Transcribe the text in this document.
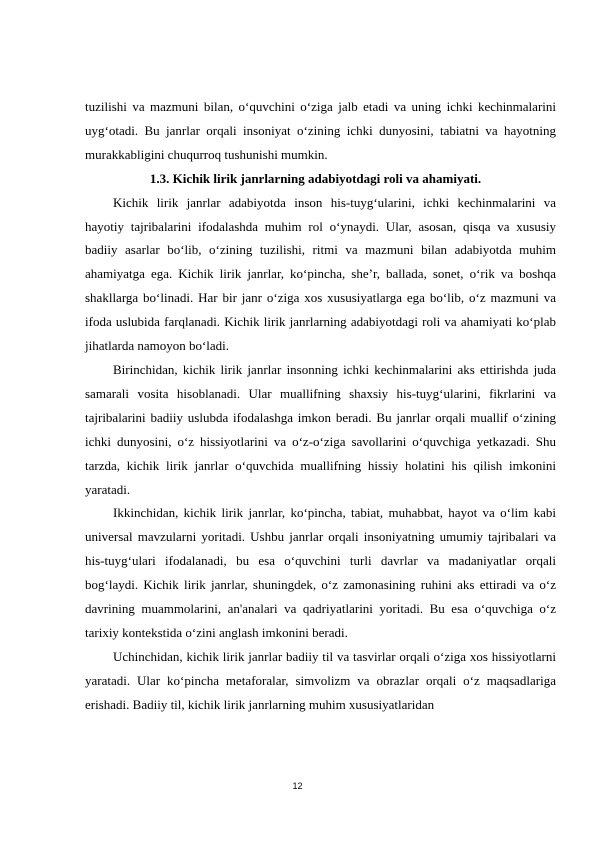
tuzilishi va mazmuni bilan, o‘quvchini o‘ziga jalb etadi va uning ichki kechinmalarini uyg‘otadi. Bu janrlar orqali insoniyat o‘zining ichki dunyosini, tabiatni va hayotning murakkabligini chuqurroq tushunishi mumkin.

1.3. Kichik lirik janrlarning adabiyotdagi roli va ahamiyati.

Kichik lirik janrlar adabiyotda inson his-tuyg‘ularini, ichki kechinmalarini va hayotiy tajribalarini ifodalashda muhim rol o‘ynaydi. Ular, asosan, qisqa va xususiy badiiy asarlar bo‘lib, o‘zining tuzilishi, ritmi va mazmuni bilan adabiyotda muhim ahamiyatga ega. Kichik lirik janrlar, ko‘pincha, she’r, ballada, sonet, o‘rik va boshqa shakllarga bo‘linadi. Har bir janr o‘ziga xos xususiyatlarga ega bo‘lib, o‘z mazmuni va ifoda uslubida farqlanadi. Kichik lirik janrlarning adabiyotdagi roli va ahamiyati ko‘plab jihatlarda namoyon bo‘ladi.

Birinchidan, kichik lirik janrlar insonning ichki kechinmalarini aks ettirishda juda samarali vosita hisoblanadi. Ular muallifning shaxsiy his-tuyg‘ularini, fikrlarini va tajribalarini badiiy uslubda ifodalashga imkon beradi. Bu janrlar orqali muallif o‘zining ichki dunyosini, o‘z hissiyotlarini va o‘z-o‘ziga savollarini o‘quvchiga yetkazadi. Shu tarzda, kichik lirik janrlar o‘quvchida muallifning hissiy holatini his qilish imkonini yaratadi.

Ikkinchidan, kichik lirik janrlar, ko‘pincha, tabiat, muhabbat, hayot va o‘lim kabi universal mavzularni yoritadi. Ushbu janrlar orqali insoniyatning umumiy tajribalari va his-tuyg‘ulari ifodalanadi, bu esa o‘quvchini turli davrlar va madaniyatlar orqali bog‘laydi. Kichik lirik janrlar, shuningdek, o‘z zamonasining ruhini aks ettiradi va o‘z davrining muammolarini, an'analari va qadriyatlarini yoritadi. Bu esa o‘quvchiga o‘z tarixiy kontekstida o‘zini anglash imkonini beradi.

Uchinchidan, kichik lirik janrlar badiiy til va tasvirlar orqali o‘ziga xos hissiyotlarni yaratadi. Ular ko‘pincha metaforalar, simvolizm va obrazlar orqali o‘z maqsadlariga erishadi. Badiiy til, kichik lirik janrlarning muhim xususiyatlaridan

12
